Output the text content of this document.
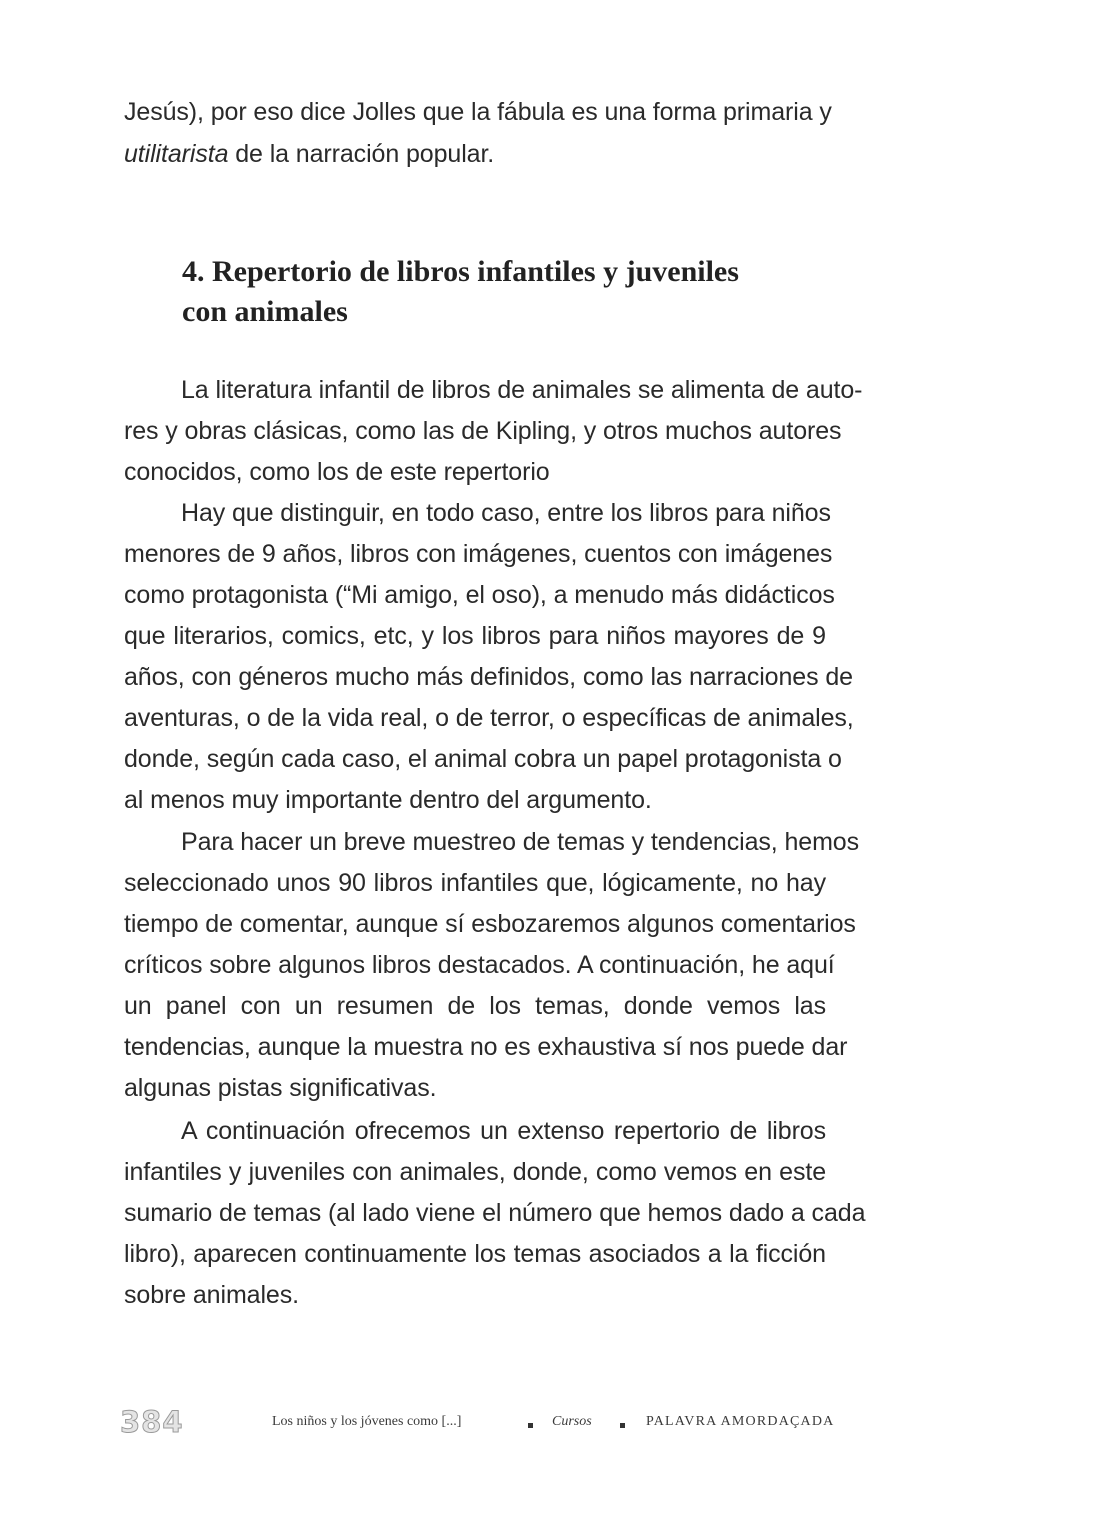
Jesús), por eso dice Jolles que la fábula es una forma primaria y
utilitarista de la narración popular.
4. Repertorio de libros infantiles y juveniles
con animales
La literatura infantil de libros de animales se alimenta de auto-
res y obras clásicas, como las de Kipling, y otros muchos autores
conocidos, como los de este repertorio
Hay que distinguir, en todo caso, entre los libros para niños
menores de 9 años, libros con imágenes, cuentos con imágenes
como protagonista (“Mi amigo, el oso), a menudo más didácticos
que literarios, comics, etc, y los libros para niños mayores de 9
años, con géneros mucho más definidos, como las narraciones de
aventuras, o de la vida real, o de terror, o específicas de animales,
donde, según cada caso, el animal cobra un papel protagonista o
al menos muy importante dentro del argumento.
Para hacer un breve muestreo de temas y tendencias, hemos
seleccionado unos 90 libros infantiles que, lógicamente, no hay
tiempo de comentar, aunque sí esbozaremos algunos comentarios
críticos sobre algunos libros destacados. A continuación, he aquí
un panel con un resumen de los temas, donde vemos las
tendencias, aunque la muestra no es exhaustiva sí nos puede dar
algunas pistas significativas.
A continuación ofrecemos un extenso repertorio de libros
infantiles y juveniles con animales, donde, como vemos en este
sumario de temas (al lado viene el número que hemos dado a cada
libro), aparecen continuamente los temas asociados a la ficción
sobre animales.
384	Los niños y los jóvenes como [...]	Cursos	PALAVRA AMORDAÇADA
